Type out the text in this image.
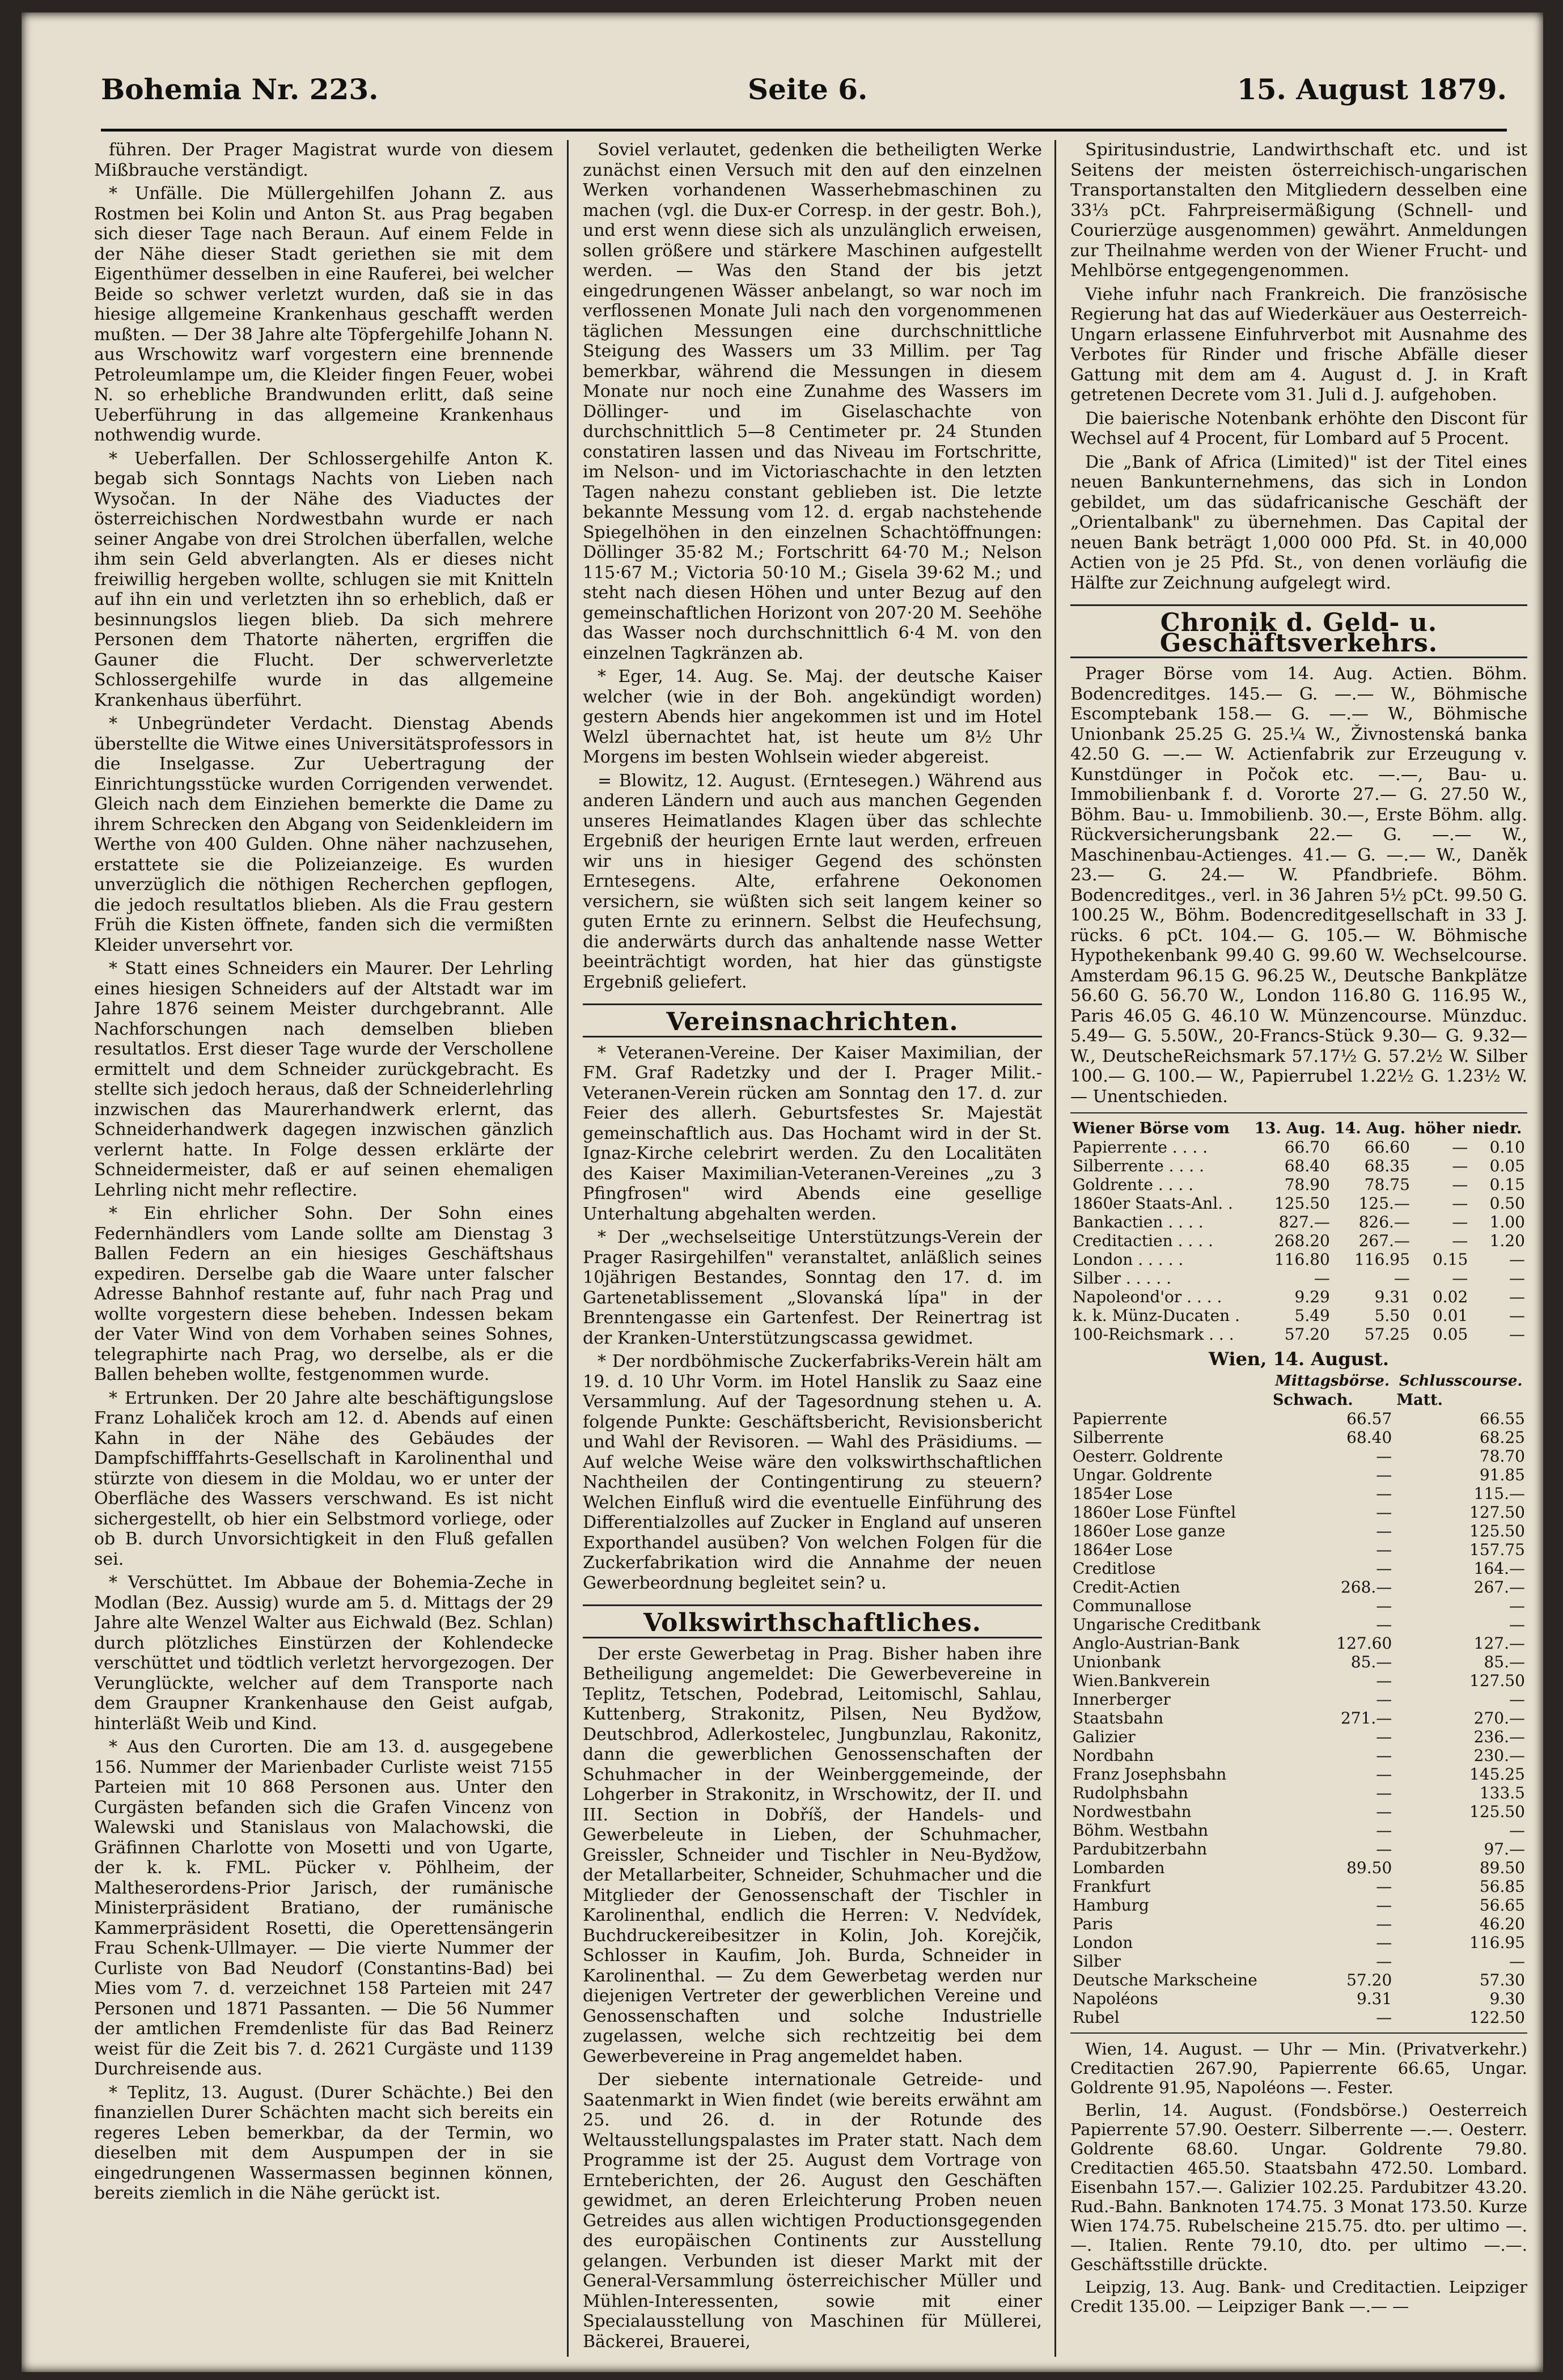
Bohemia Nr. 223.	Seite 6.	15. August 1879.

führen. Der Prager Magistrat wurde von diesem Mißbrauche verständigt.

* Unfälle. Die Müllergehilfen Johann Z. aus Rostmen bei Kolin und Anton St. aus Prag begaben sich dieser Tage nach Beraun. Auf einem Felde in der Nähe dieser Stadt geriethen sie mit dem Eigenthümer desselben in eine Rauferei, bei welcher Beide so schwer verletzt wurden, daß sie in das hiesige allgemeine Krankenhaus geschafft werden mußten. — Der 38 Jahre alte Töpfergehilfe Johann N. aus Wrschowitz warf vorgestern eine brennende Petroleumlampe um, die Kleider fingen Feuer, wobei N. so erhebliche Brandwunden erlitt, daß seine Ueberführung in das allgemeine Krankenhaus nothwendig wurde.

* Ueberfallen. Der Schlossergehilfe Anton K. begab sich Sonntags Nachts von Lieben nach Wysočan. In der Nähe des Viaductes der österreichischen Nordwestbahn wurde er nach seiner Angabe von drei Strolchen überfallen, welche ihm sein Geld abverlangten. Als er dieses nicht freiwillig hergeben wollte, schlugen sie mit Knitteln auf ihn ein und verletzten ihn so erheblich, daß er besinnungslos liegen blieb. Da sich mehrere Personen dem Thatorte näherten, ergriffen die Gauner die Flucht. Der schwerverletzte Schlossergehilfe wurde in das allgemeine Krankenhaus überführt.

* Unbegründeter Verdacht. Dienstag Abends überstellte die Witwe eines Universitätsprofessors in die Inselgasse. Zur Uebertragung der Einrichtungsstücke wurden Corrigenden verwendet. Gleich nach dem Einziehen bemerkte die Dame zu ihrem Schrecken den Abgang von Seidenkleidern im Werthe von 400 Gulden. Ohne näher nachzusehen, erstattete sie die Polizeianzeige. Es wurden unverzüglich die nöthigen Recherchen gepflogen, die jedoch resultatlos blieben. Als die Frau gestern Früh die Kisten öffnete, fanden sich die vermißten Kleider unversehrt vor.

* Statt eines Schneiders ein Maurer. Der Lehrling eines hiesigen Schneiders auf der Altstadt war im Jahre 1876 seinem Meister durchgebrannt. Alle Nachforschungen nach demselben blieben resultatlos. Erst dieser Tage wurde der Verschollene ermittelt und dem Schneider zurückgebracht. Es stellte sich jedoch heraus, daß der Schneiderlehrling inzwischen das Maurerhandwerk erlernt, das Schneiderhandwerk dagegen inzwischen gänzlich verlernt hatte. In Folge dessen erklärte der Schneidermeister, daß er auf seinen ehemaligen Lehrling nicht mehr reflectire.

* Ein ehrlicher Sohn. Der Sohn eines Federnhändlers vom Lande sollte am Dienstag 3 Ballen Federn an ein hiesiges Geschäftshaus expediren. Derselbe gab die Waare unter falscher Adresse Bahnhof restante auf, fuhr nach Prag und wollte vorgestern diese beheben. Indessen bekam der Vater Wind von dem Vorhaben seines Sohnes, telegraphirte nach Prag, wo derselbe, als er die Ballen beheben wollte, festgenommen wurde.

* Ertrunken. Der 20 Jahre alte beschäftigungslose Franz Lohaliček kroch am 12. d. Abends auf einen Kahn in der Nähe des Gebäudes der Dampfschifffahrts-Gesellschaft in Karolinenthal und stürzte von diesem in die Moldau, wo er unter der Oberfläche des Wassers verschwand. Es ist nicht sichergestellt, ob hier ein Selbstmord vorliege, oder ob B. durch Unvorsichtigkeit in den Fluß gefallen sei.

* Verschüttet. Im Abbaue der Bohemia-Zeche in Modlan (Bez. Aussig) wurde am 5. d. Mittags der 29 Jahre alte Wenzel Walter aus Eichwald (Bez. Schlan) durch plötzliches Einstürzen der Kohlendecke verschüttet und tödtlich verletzt hervorgezogen. Der Verunglückte, welcher auf dem Transporte nach dem Graupner Krankenhause den Geist aufgab, hinterläßt Weib und Kind.

* Aus den Curorten. Die am 13. d. ausgegebene 156. Nummer der Marienbader Curliste weist 7155 Parteien mit 10 868 Personen aus. Unter den Curgästen befanden sich die Grafen Vincenz von Walewski und Stanislaus von Malachowski, die Gräfinnen Charlotte von Mosetti und von Ugarte, der k. k. FML. Pücker v. Pöhlheim, der Maltheserordens-Prior Jarisch, der rumänische Ministerpräsident Bratiano, der rumänische Kammerpräsident Rosetti, die Operettensängerin Frau Schenk-Ullmayer. — Die vierte Nummer der Curliste von Bad Neudorf (Constantins-Bad) bei Mies vom 7. d. verzeichnet 158 Parteien mit 247 Personen und 1871 Passanten. — Die 56 Nummer der amtlichen Fremdenliste für das Bad Reinerz weist für die Zeit bis 7. d. 2621 Curgäste und 1139 Durchreisende aus.

* Teplitz, 13. August. (Durer Schächte.) Bei den finanziellen Durer Schächten macht sich bereits ein regeres Leben bemerkbar, da der Termin, wo dieselben mit dem Auspumpen der in sie eingedrungenen Wassermassen beginnen können, bereits ziemlich in die Nähe gerückt ist.

Soviel verlautet, gedenken die betheiligten Werke zunächst einen Versuch mit den auf den einzelnen Werken vorhandenen Wasserhebmaschinen zu machen (vgl. die Dux-er Corresp. in der gestr. Boh.), und erst wenn diese sich als unzulänglich erweisen, sollen größere und stärkere Maschinen aufgestellt werden. — Was den Stand der bis jetzt eingedrungenen Wässer anbelangt, so war noch im verflossenen Monate Juli nach den vorgenommenen täglichen Messungen eine durchschnittliche Steigung des Wassers um 33 Millim. per Tag bemerkbar, während die Messungen in diesem Monate nur noch eine Zunahme des Wassers im Döllinger- und im Giselaschachte von durchschnittlich 5—8 Centimeter pr. 24 Stunden constatiren lassen und das Niveau im Fortschritte, im Nelson- und im Victoriaschachte in den letzten Tagen nahezu constant geblieben ist. Die letzte bekannte Messung vom 12. d. ergab nachstehende Spiegelhöhen in den einzelnen Schachtöffnungen: Döllinger 35·82 M.; Fortschritt 64·70 M.; Nelson 115·67 M.; Victoria 50·10 M.; Gisela 39·62 M.; und steht nach diesen Höhen und unter Bezug auf den gemeinschaftlichen Horizont von 207·20 M. Seehöhe das Wasser noch durchschnittlich 6·4 M. von den einzelnen Tagkränzen ab.

* Eger, 14. Aug. Se. Maj. der deutsche Kaiser welcher (wie in der Boh. angekündigt worden) gestern Abends hier angekommen ist und im Hotel Welzl übernachtet hat, ist heute um 8½ Uhr Morgens im besten Wohlsein wieder abgereist.

= Blowitz, 12. August. (Erntesegen.) Während aus anderen Ländern und auch aus manchen Gegenden unseres Heimatlandes Klagen über das schlechte Ergebniß der heurigen Ernte laut werden, erfreuen wir uns in hiesiger Gegend des schönsten Erntesegens. Alte, erfahrene Oekonomen versichern, sie wüßten sich seit langem keiner so guten Ernte zu erinnern. Selbst die Heufechsung, die anderwärts durch das anhaltende nasse Wetter beeinträchtigt worden, hat hier das günstigste Ergebniß geliefert.

Vereinsnachrichten.

* Veteranen-Vereine. Der Kaiser Maximilian, der FM. Graf Radetzky und der I. Prager Milit.-Veteranen-Verein rücken am Sonntag den 17. d. zur Feier des allerh. Geburtsfestes Sr. Majestät gemeinschaftlich aus. Das Hochamt wird in der St. Ignaz-Kirche celebrirt werden. Zu den Localitäten des Kaiser Maximilian-Veteranen-Vereines „zu 3 Pfingfrosen" wird Abends eine gesellige Unterhaltung abgehalten werden.

* Der „wechselseitige Unterstützungs-Verein der Prager Rasirgehilfen" veranstaltet, anläßlich seines 10jährigen Bestandes, Sonntag den 17. d. im Gartenetablissement „Slovanská lípa" in der Brenntengasse ein Gartenfest. Der Reinertrag ist der Kranken-Unterstützungscassa gewidmet.

* Der nordböhmische Zuckerfabriks-Verein hält am 19. d. 10 Uhr Vorm. im Hotel Hanslik zu Saaz eine Versammlung. Auf der Tagesordnung stehen u. A. folgende Punkte: Geschäftsbericht, Revisionsbericht und Wahl der Revisoren. — Wahl des Präsidiums. — Auf welche Weise wäre den volkswirthschaftlichen Nachtheilen der Contingentirung zu steuern? Welchen Einfluß wird die eventuelle Einführung des Differentialzolles auf Zucker in England auf unseren Exporthandel ausüben? Von welchen Folgen für die Zuckerfabrikation wird die Annahme der neuen Gewerbeordnung begleitet sein? u.

Volkswirthschaftliches.

Der erste Gewerbetag in Prag. Bisher haben ihre Betheiligung angemeldet: Die Gewerbevereine in Teplitz, Tetschen, Podebrad, Leitomischl, Sahlau, Kuttenberg, Strakonitz, Pilsen, Neu Bydžow, Deutschbrod, Adlerkostelec, Jungbunzlau, Rakonitz, dann die gewerblichen Genossenschaften der Schuhmacher in der Weinberggemeinde, der Lohgerber in Strakonitz, in Wrschowitz, der II. und III. Section in Dobříš, der Handels- und Gewerbeleute in Lieben, der Schuhmacher, Greissler, Schneider und Tischler in Neu-Bydžow, der Metallarbeiter, Schneider, Schuhmacher und die Mitglieder der Genossenschaft der Tischler in Karolinenthal, endlich die Herren: V. Nedvídek, Buchdruckereibesitzer in Kolin, Joh. Korejčik, Schlosser in Kaufim, Joh. Burda, Schneider in Karolinenthal. — Zu dem Gewerbetag werden nur diejenigen Vertreter der gewerblichen Vereine und Genossenschaften und solche Industrielle zugelassen, welche sich rechtzeitig bei dem Gewerbevereine in Prag angemeldet haben.

Der siebente internationale Getreide- und Saatenmarkt in Wien findet (wie bereits erwähnt am 25. und 26. d. in der Rotunde des Weltausstellungspalastes im Prater statt. Nach dem Programme ist der 25. August dem Vortrage von Ernteberichten, der 26. August den Geschäften gewidmet, an deren Erleichterung Proben neuen Getreides aus allen wichtigen Productionsgegenden des europäischen Continents zur Ausstellung gelangen. Verbunden ist dieser Markt mit der General-Versammlung österreichischer Müller und Mühlen-Interessenten, sowie mit einer Specialausstellung von Maschinen für Müllerei, Bäckerei, Brauerei,

Spiritusindustrie, Landwirthschaft etc. und ist Seitens der meisten österreichisch-ungarischen Transportanstalten den Mitgliedern desselben eine 33⅓ pCt. Fahrpreisermäßigung (Schnell- und Courierzüge ausgenommen) gewährt. Anmeldungen zur Theilnahme werden von der Wiener Frucht- und Mehlbörse entgegengenommen.

Viehe infuhr nach Frankreich. Die französische Regierung hat das auf Wiederkäuer aus Oesterreich-Ungarn erlassene Einfuhrverbot mit Ausnahme des Verbotes für Rinder und frische Abfälle dieser Gattung mit dem am 4. August d. J. in Kraft getretenen Decrete vom 31. Juli d. J. aufgehoben.

Die baierische Notenbank erhöhte den Discont für Wechsel auf 4 Procent, für Lombard auf 5 Procent.

Die „Bank of Africa (Limited)" ist der Titel eines neuen Bankunternehmens, das sich in London gebildet, um das südafricanische Geschäft der „Orientalbank" zu übernehmen. Das Capital der neuen Bank beträgt 1,000 000 Pfd. St. in 40,000 Actien von je 25 Pfd. St., von denen vorläufig die Hälfte zur Zeichnung aufgelegt wird.

Chronik d. Geld- u. Geschäftsverkehrs.

Prager Börse vom 14. Aug. Actien. Böhm. Bodencreditges. 145.— G. —.— W., Böhmische Escomptebank 158.— G. —.— W., Böhmische Unionbank 25.25 G. 25.¼ W., Živnostenská banka 42.50 G. —.— W. Actienfabrik zur Erzeugung v. Kunstdünger in Počok etc. —.—, Bau- u. Immobilienbank f. d. Vororte 27.— G. 27.50 W., Böhm. Bau- u. Immobilienb. 30.—, Erste Böhm. allg. Rückversicherungsbank 22.— G. —.— W., Maschinenbau-Actienges. 41.— G. —.— W., Daněk 23.— G. 24.— W. Pfandbriefe. Böhm. Bodencreditges., verl. in 36 Jahren 5½ pCt. 99.50 G. 100.25 W., Böhm. Bodencreditgesellschaft in 33 J. rücks. 6 pCt. 104.— G. 105.— W. Böhmische Hypothekenbank 99.40 G. 99.60 W. Wechselcourse. Amsterdam 96.15 G. 96.25 W., Deutsche Bankplätze 56.60 G. 56.70 W., London 116.80 G. 116.95 W., Paris 46.05 G. 46.10 W. Münzencourse. Münzduc. 5.49— G. 5.50W., 20-Francs-Stück 9.30— G. 9.32— W., DeutscheReichsmark 57.17½ G. 57.2½ W. Silber 100.— G. 100.— W., Papierrubel 1.22½ G. 1.23½ W. — Unentschieden.

Wiener Börse vom	13. Aug.	14. Aug.	höher	niedr.
Papierrente . . . .	66.70	66.60	—	0.10
Silberrente . . . .	68.40	68.35	—	0.05
Goldrente . . . .	78.90	78.75	—	0.15
1860er Staats-Anl. .	125.50	125.—	—	0.50
Bankactien . . . .	827.—	826.—	—	1.00
Creditactien . . . .	268.20	267.—	—	1.20
London . . . . .	116.80	116.95	0.15	—
Silber . . . . .	—	—	—	—
Napoleond'or . . . .	9.29	9.31	0.02	—
k. k. Münz-Ducaten .	5.49	5.50	0.01	—
100-Reichsmark . . .	57.20	57.25	0.05	—
Wien, 14. August.
	Mittagsbörse.	Schlusscourse.
	Schwach.	Matt.
Papierrente	66.57	66.55
Silberrente	68.40	68.25
Oesterr. Goldrente	—	78.70
Ungar. Goldrente	—	91.85
1854er Lose	—	115.—
1860er Lose Fünftel	—	127.50
1860er Lose ganze	—	125.50
1864er Lose	—	157.75
Creditlose	—	164.—
Credit-Actien	268.—	267.—
Communallose	—	—
Ungarische Creditbank	—	—
Anglo-Austrian-Bank	127.60	127.—
Unionbank	85.—	85.—
Wien.Bankverein	—	127.50
Innerberger	—	—
Staatsbahn	271.—	270.—
Galizier	—	236.—
Nordbahn	—	230.—
Franz Josephsbahn	—	145.25
Rudolphsbahn	—	133.5
Nordwestbahn	—	125.50
Böhm. Westbahn	—	—
Pardubitzerbahn	—	97.—
Lombarden	89.50	89.50
Frankfurt	—	56.85
Hamburg	—	56.65
Paris	—	46.20
London	—	116.95
Silber	—	—
Deutsche Markscheine	57.20	57.30
Napoléons	9.31	9.30
Rubel	—	122.50

Wien, 14. August. — Uhr — Min. (Privatverkehr.) Creditactien 267.90, Papierrente 66.65, Ungar. Goldrente 91.95, Napoléons —. Fester.

Berlin, 14. August. (Fondsbörse.) Oesterreich Papierrente 57.90. Oesterr. Silberrente —.—. Oesterr. Goldrente 68.60. Ungar. Goldrente 79.80. Creditactien 465.50. Staatsbahn 472.50. Lombard. Eisenbahn 157.—. Galizier 102.25. Pardubitzer 43.20. Rud.-Bahn. Banknoten 174.75. 3 Monat 173.50. Kurze Wien 174.75. Rubelscheine 215.75. dto. per ultimo —.—. Italien. Rente 79.10, dto. per ultimo —.—. Geschäftsstille drückte.

Leipzig, 13. Aug. Bank- und Creditactien. Leipziger Credit 135.00. — Leipziger Bank —.— —
